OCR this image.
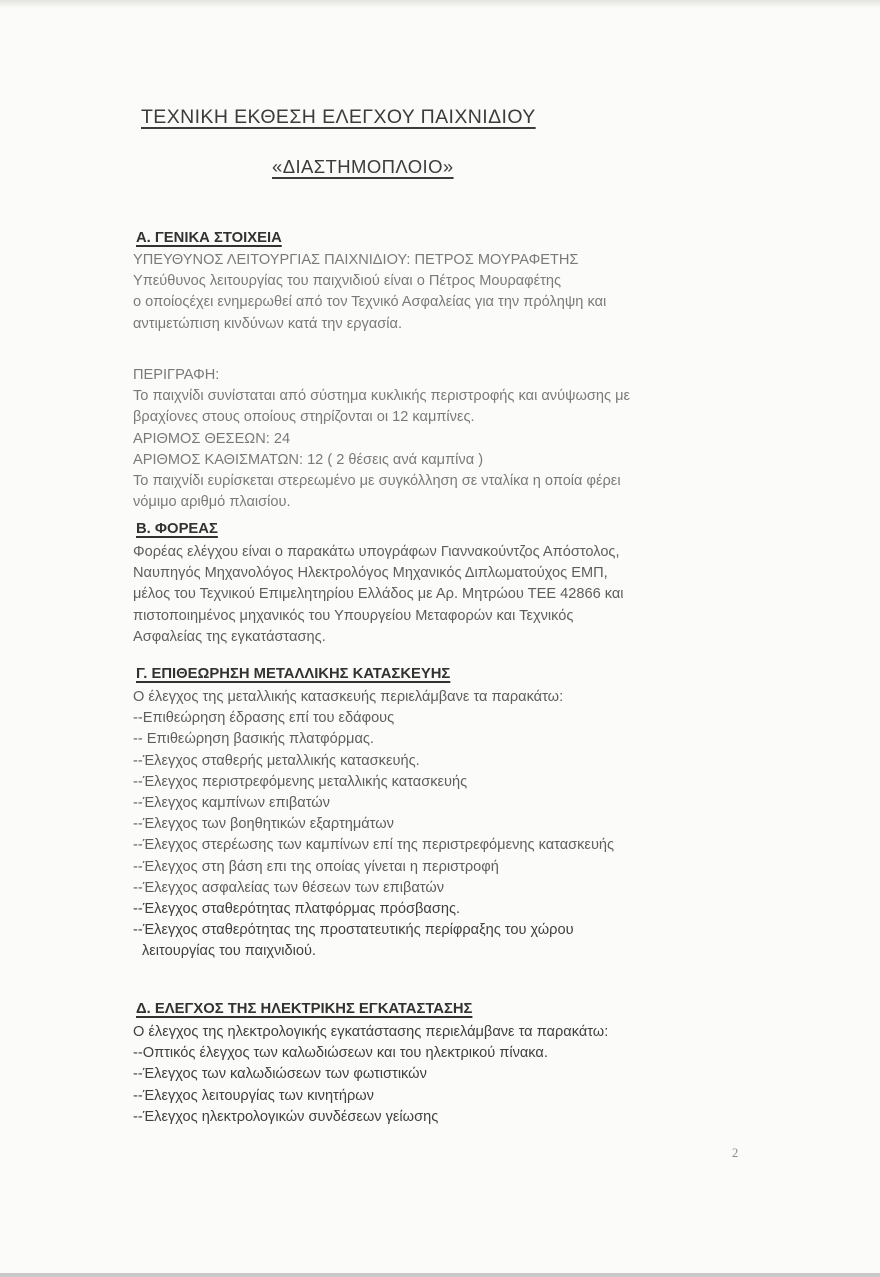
ΤΕΧΝΙΚΗ ΕΚΘΕΣΗ ΕΛΕΓΧΟΥ ΠΑΙΧΝΙΔΙΟΥ
«ΔΙΑΣΤΗΜΟΠΛΟΙΟ»
Α. ΓΕΝΙΚΑ ΣΤΟΙΧΕΙΑ
ΥΠΕΥΘΥΝΟΣ ΛΕΙΤΟΥΡΓΙΑΣ ΠΑΙΧΝΙΔΙΟΥ: ΠΕΤΡΟΣ ΜΟΥΡΑΦΕΤΗΣ
Υπεύθυνος λειτουργίας του παιχνιδιού είναι ο Πέτρος Μουραφέτης
ο οποίοςέχει ενημερωθεί από τον Τεχνικό Ασφαλείας για την πρόληψη και
αντιμετώπιση κινδύνων κατά την εργασία.
ΠΕΡΙΓΡΑΦΗ:
Το παιχνίδι συνίσταται από σύστημα κυκλικής περιστροφής και ανύψωσης με
βραχίονες στους οποίους στηρίζονται οι 12 καμπίνες.
ΑΡΙΘΜΟΣ ΘΕΣΕΩΝ: 24
ΑΡΙΘΜΟΣ ΚΑΘΙΣΜΑΤΩΝ: 12 ( 2 θέσεις ανά καμπίνα )
Το παιχνίδι ευρίσκεται στερεωμένο με συγκόλληση σε νταλίκα η οποία φέρει
νόμιμο αριθμό πλαισίου.
Β. ΦΟΡΕΑΣ
Φορέας ελέγχου είναι ο παρακάτω υπογράφων Γιαννακούντζος Απόστολος,
Ναυπηγός Μηχανολόγος Ηλεκτρολόγος Μηχανικός Διπλωματούχος ΕΜΠ,
μέλος του Τεχνικού Επιμελητηρίου Ελλάδος με Αρ. Μητρώου ΤΕΕ 42866 και
πιστοποιημένος μηχανικός του Υπουργείου Μεταφορών και Τεχνικός
Ασφαλείας της εγκατάστασης.
Γ. ΕΠΙΘΕΩΡΗΣΗ ΜΕΤΑΛΛΙΚΗΣ ΚΑΤΑΣΚΕΥΗΣ
Ο έλεγχος της μεταλλικής κατασκευής περιελάμβανε τα παρακάτω:
--Επιθεώρηση έδρασης επί του εδάφους
-- Επιθεώρηση βασικής πλατφόρμας.
--Έλεγχος σταθερής μεταλλικής κατασκευής.
--Έλεγχος περιστρεφόμενης μεταλλικής κατασκευής
--Έλεγχος καμπίνων επιβατών
--Έλεγχος των βοηθητικών εξαρτημάτων
--Έλεγχος στερέωσης των καμπίνων επί της περιστρεφόμενης κατασκευής
--Έλεγχος στη βάση επι της οποίας γίνεται η περιστροφή
--Έλεγχος ασφαλείας των θέσεων των επιβατών
--Έλεγχος σταθερότητας πλατφόρμας πρόσβασης.
--Έλεγχος σταθερότητας της προστατευτικής περίφραξης του χώρου
λειτουργίας του παιχνιδιού.
Δ. ΕΛΕΓΧΟΣ ΤΗΣ ΗΛΕΚΤΡΙΚΗΣ ΕΓΚΑΤΑΣΤΑΣΗΣ
Ο έλεγχος της ηλεκτρολογικής εγκατάστασης περιελάμβανε τα παρακάτω:
--Οπτικός έλεγχος των καλωδιώσεων και του ηλεκτρικού πίνακα.
--Έλεγχος των καλωδιώσεων των φωτιστικών
--Έλεγχος λειτουργίας των κινητήρων
--Έλεγχος ηλεκτρολογικών συνδέσεων γείωσης
2
